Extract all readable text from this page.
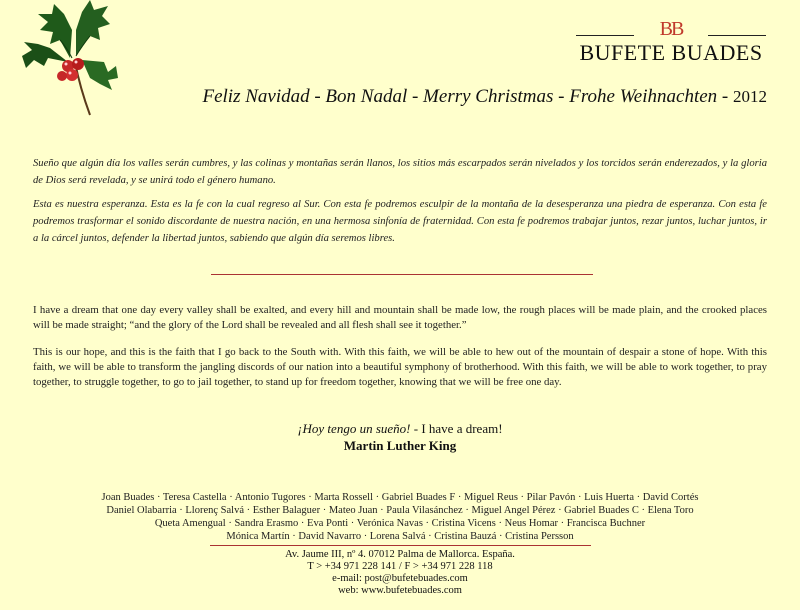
BB
BUFETE BUADES
Feliz Navidad - Bon Nadal - Merry Christmas - Frohe Weihnachten - 2012

Sueño que algún día los valles serán cumbres, y las colinas y montañas serán llanos, los sitios más escarpados serán nivelados y los torcidos serán enderezados, y la gloria de Dios será revelada, y se unirá todo el género humano.

Esta es nuestra esperanza. Esta es la fe con la cual regreso al Sur. Con esta fe podremos esculpir de la montaña de la desesperanza una piedra de esperanza. Con esta fe podremos trasformar el sonido discordante de nuestra nación, en una hermosa sinfonía de fraternidad. Con esta fe podremos trabajar juntos, rezar juntos, luchar juntos, ir a la cárcel juntos, defender la libertad juntos, sabiendo que algún día seremos libres.

I have a dream that one day every valley shall be exalted, and every hill and mountain shall be made low, the rough places will be made plain, and the crooked places will be made straight; “and the glory of the Lord shall be revealed and all flesh shall see it together.”

This is our hope, and this is the faith that I go back to the South with. With this faith, we will be able to hew out of the mountain of despair a stone of hope. With this faith, we will be able to transform the jangling discords of our nation into a beautiful symphony of brotherhood. With this faith, we will be able to work together, to pray together, to struggle together, to go to jail together, to stand up for freedom together, knowing that we will be free one day.

¡Hoy tengo un sueño! - I have a dream!
Martin Luther King
Joan Buades · Teresa Castella · Antonio Tugores · Marta Rossell · Gabriel Buades F · Miguel Reus · Pilar Pavón · Luis Huerta · David Cortés
Daniel Olabarria · Llorenç Salvá · Esther Balaguer · Mateo Juan · Paula Vilasánchez · Miguel Angel Pérez · Gabriel Buades C · Elena Toro
Queta Amengual · Sandra Erasmo · Eva Ponti · Verónica Navas · Cristina Vicens · Neus Homar · Francisca Buchner
Mónica Martín · David Navarro · Lorena Salvá · Cristina Bauzá · Cristina Persson
Av. Jaume III, nº 4. 07012 Palma de Mallorca. España.
T > +34 971 228 141 / F > +34 971 228 118
e-mail: post@bufetebuades.com
web: www.bufetebuades.com
